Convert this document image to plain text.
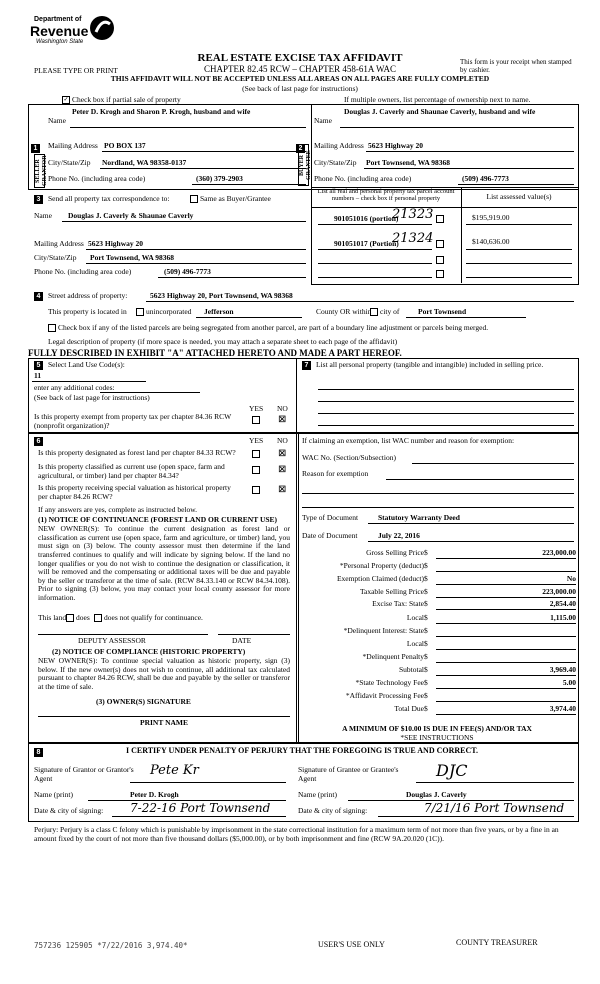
Department of
Revenue
Washington State
REAL ESTATE EXCISE TAX AFFIDAVIT
PLEASE TYPE OR PRINT	CHAPTER 82.45 RCW – CHAPTER 458-61A WAC
This form is your receipt when stamped by cashier.
THIS AFFIDAVIT WILL NOT BE ACCEPTED UNLESS ALL AREAS ON ALL PAGES ARE FULLY COMPLETED
(See back of last page for instructions)
✓ Check box if partial sale of property	If multiple owners, list percentage of ownership next to name.
1
SELLER GRANTOR
Name
Peter D. Krogh and Sharon P. Krogh, husband and wife
Mailing Address PO BOX 137
City/State/Zip Nordland, WA 98358-0137
Phone No. (including area code)	(360) 379-2903
2
BUYER GRANTEE
Name
Douglas J. Caverly and Shaunae Caverly, husband and wife
Mailing Address 5623 Highway 20
City/State/Zip Port Townsend, WA 98368
Phone No. (including area code)	(509) 496-7773
3	Send all property tax correspondence to:	Same as Buyer/Grantee
Name Douglas J. Caverly & Shaunae Caverly
Mailing Address 5623 Highway 20
City/State/Zip Port Townsend, WA 98368
Phone No. (including area code)	(509) 496-7773
List all real and personal property tax parcel account numbers – check box if personal property	List assessed value(s)
901051016 (portion)
21323	$195,919.00
901051017 (Portion)
21324	$140,636.00
4	Street address of property:	5623 Highway 20, Port Townsend, WA 98368
This property is located in	unincorporated Jefferson	County OR within city of Port Townsend
Check box if any of the listed parcels are being segregated from another parcel, are part of a boundary line adjustment or parcels being merged.
Legal description of property (if more space is needed, you may attach a separate sheet to each page of the affidavit)
FULLY DESCRIBED IN EXHIBIT "A" ATTACHED HERETO AND MADE A PART HEREOF.
5	Select Land Use Code(s):
11
enter any additional codes:
(See back of last page for instructions)
YES NO
Is this property exempt from property tax per chapter 84.36 RCW (nonprofit organization)?
⊠
7	List all personal property (tangible and intangible) included in selling price.
6	YES NO
Is this property designated as forest land per chapter 84.33 RCW?	⊠
Is this property classified as current use (open space, farm and agricultural, or timber) land per chapter 84.34?
⊠
Is this property receiving special valuation as historical property per chapter 84.26 RCW?
⊠
If any answers are yes, complete as instructed below.
(1) NOTICE OF CONTINUANCE (FOREST LAND OR CURRENT USE)
NEW OWNER(S): To continue the current designation as forest land or classification as current use (open space, farm and agriculture, or timber) land, you must sign on (3) below. The county assessor must then determine if the land transferred continues to qualify and will indicate by signing below. If the land no longer qualifies or you do not wish to continue the designation or classification, it will be removed and the compensating or additional taxes will be due and payable by the seller or transferor at the time of sale. (RCW 84.33.140 or RCW 84.34.108). Prior to signing (3) below, you may contact your local county assessor for more information.
This land does does not qualify for continuance.
DEPUTY ASSESSOR	DATE
(2) NOTICE OF COMPLIANCE (HISTORIC PROPERTY)
NEW OWNER(S): To continue special valuation as historic property, sign (3) below. If the new owner(s) does not wish to continue, all additional tax calculated pursuant to chapter 84.26 RCW, shall be due and payable by the seller or transferor at the time of sale.
(3) OWNER(S) SIGNATURE
PRINT NAME
If claiming an exemption, list WAC number and reason for exemption:
WAC No. (Section/Subsection)
Reason for exemption
Type of Document	Statutory Warranty Deed
Date of Document	July 22, 2016
Gross Selling Price $	223,000.00
*Personal Property (deduct) $

Exemption Claimed (deduct) $	No
Taxable Selling Price $	223,000.00
Excise Tax: State $	2,854.40
Local $	1,115.00
*Delinquent Interest: State $

Local $

*Delinquent Penalty $

Subtotal $	3,969.40
*State Technology Fee $	5.00
*Affidavit Processing Fee $

Total Due $	3,974.40
A MINIMUM OF $10.00 IS DUE IN FEE(S) AND/OR TAX
*SEE INSTRUCTIONS
8	I CERTIFY UNDER PENALTY OF PERJURY THAT THE FOREGOING IS TRUE AND CORRECT.
Signature of Grantor or Grantor's Agent
Pete Kr
Name (print)	Peter D. Krogh
Date & city of signing: 7-22-16 Port Townsend
Signature of Grantee or Grantee's Agent	DJC
Name (print)	Douglas J. Caverly
Date & city of signing:	7/21/16 Port Townsend
Perjury: Perjury is a class C felony which is punishable by imprisonment in the state correctional institution for a maximum term of not more than five years, or by a fine in an amount fixed by the court of not more than five thousand dollars ($5,000.00), or by both imprisonment and fine (RCW 9A.20.020 (1C)).
757236 125905 *7/22/2016 3,974.40*	USER'S USE ONLY	COUNTY TREASURER
